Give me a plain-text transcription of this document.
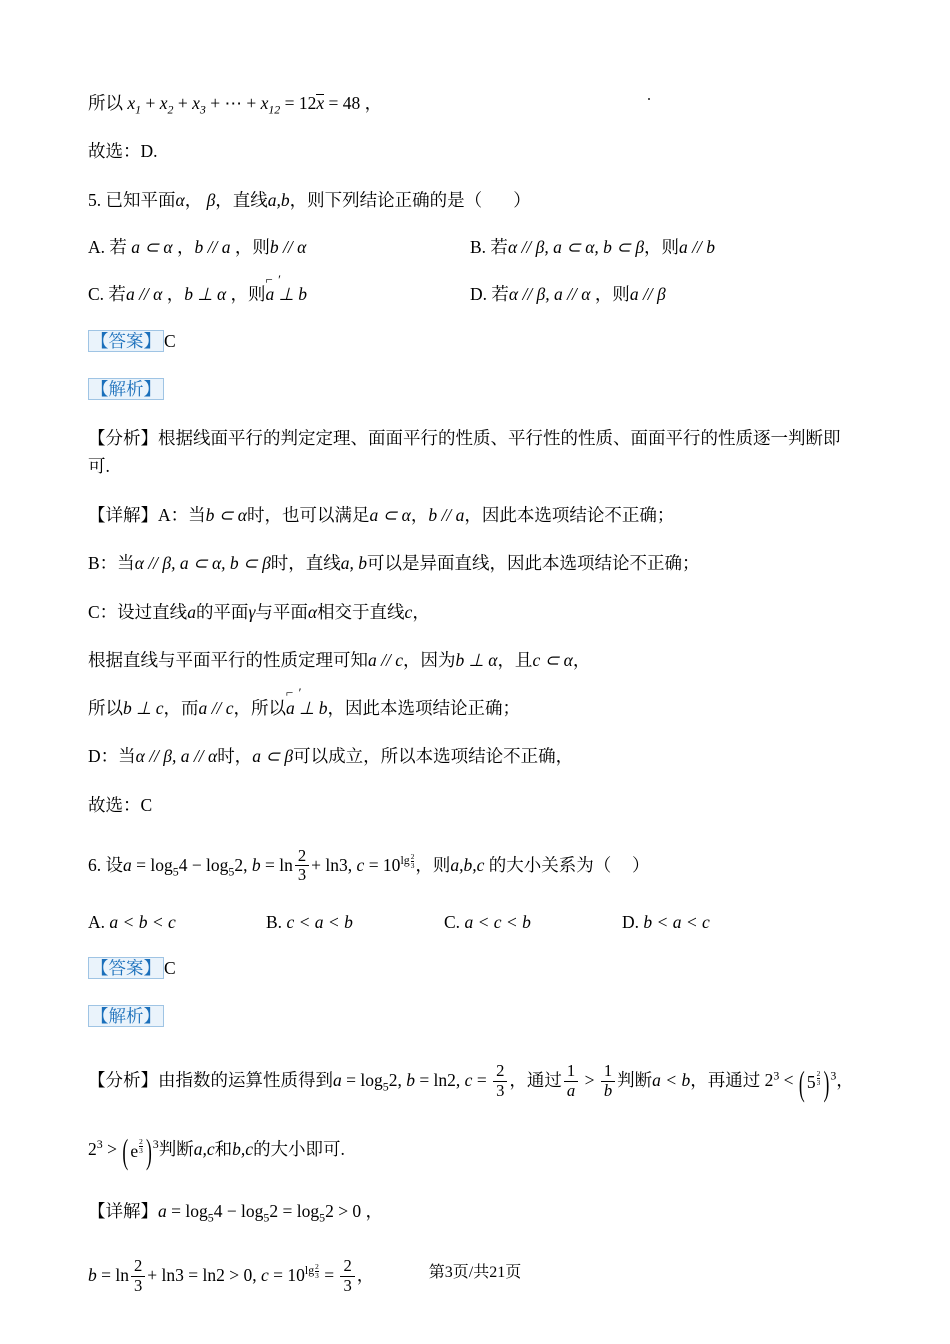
所以 $x_1 + x_2 + x_3$ + ⋯ + $x_{12} = 12x = 48$ ，
故选：D.
5. 已知平面α， β，直线a,b，则下列结论正确的是（ ）
A. 若 a ⊂ α ，b // a ，则b // α	B. 若α // β, a ⊂ α, b ⊂ β，则a // b
C. 若a // α ，b ⊥ α ，则
⌐ ′
a ⊥ b	D. 若α // β, a // α ，则a // β
【答案】 C
【解析】
【分析】根据线面平行的判定定理、面面平行的性质、平行性的性质、面面平行的性质逐一判断即可.
【详解】A：当b ⊂ α时，也可以满足a ⊂ α，b // a，因此本选项结论不正确；
B：当α // β, a ⊂ α, b ⊂ β时，直线a, b可以是异面直线，因此本选项结论不正确；
C：设过直线a的平面γ与平面α相交于直线c，
根据直线与平面平行的性质定理可知a // c，因为b ⊥ α，且c ⊂ α，
所以b ⊥ c，而a // c，所以
⌐ ′
a ⊥ b，因此本选项结论正确；
D：当α // β, a // α时，a ⊂ β可以成立，所以本选项结论不正确，
故选：C
6. 设$a = \log_54 - \log_52$, $b = \ln \frac{2}{3} + \ln 3$, $c = 10^{lg \frac{2}{3}}$ ，则a,b,c 的大小关系为（ ）
A. a < b < c	B. c < a < b	C. a < c < b	D. b < a < c
【答案】 C
【解析】
【分析】由指数的运算性质得到$a = \log_52$, b = ln2, $c = \frac{2}{3}$ ，通过 $\frac{1}{a} > \frac{1}{b}$ 判断a < b，再通过 $2^3$ < ( 5 $^{\frac{2}{3}}$
) $^3$，
$2^3$ > ( e $^{\frac{2}{3}}$
) $^3$判断a,c和b,c的大小即可.
【详解】$a = \log_54 - \log_52 = \log_52 > 0$ ，
$b = \ln \frac{2}{3} + \ln 3 = \ln 2 > 0$, $c = 10^{lg \frac{2}{3}} = \frac{2}{3}$ ，	第3页/共21页
